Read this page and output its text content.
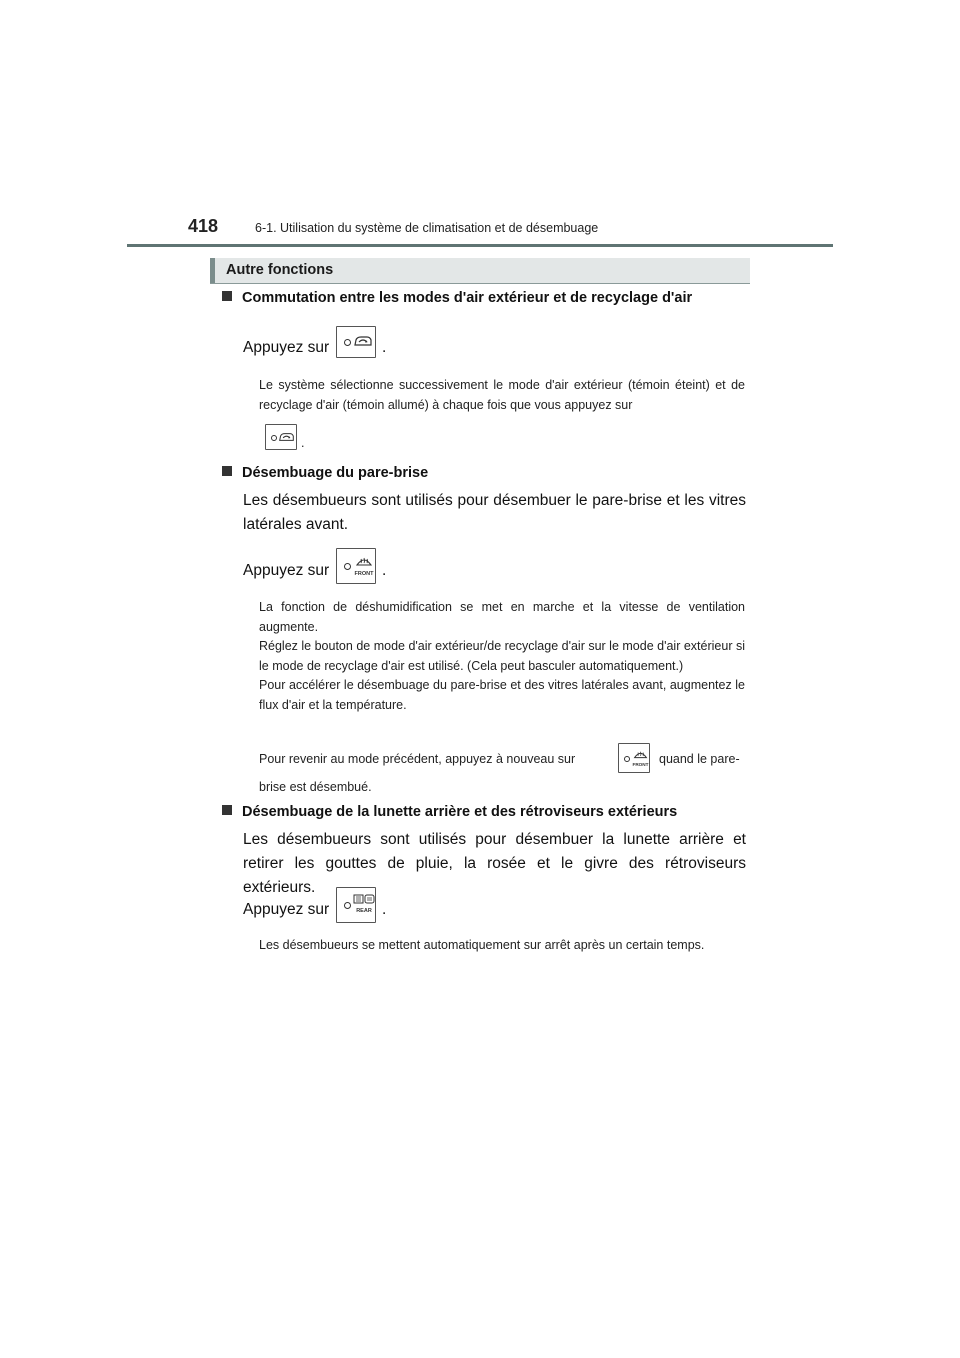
418	6-1. Utilisation du système de climatisation et de désembuage
Autre fonctions
Commutation entre les modes d'air extérieur et de recyclage d'air
Appuyez sur	.
Le système sélectionne successivement le mode d'air extérieur (témoin éteint) et de recyclage d'air (témoin allumé) à chaque fois que vous appuyez sur
.
Désembuage du pare-brise
Les désembueurs sont utilisés pour désembuer le pare-brise et les vitres latérales avant.
Appuyez sur	FRONT .
La fonction de déshumidification se met en marche et la vitesse de ventilation augmente.
Réglez le bouton de mode d'air extérieur/de recyclage d'air sur le mode d'air extérieur si le mode de recyclage d'air est utilisé. (Cela peut basculer automatiquement.)
Pour accélérer le désembuage du pare-brise et des vitres latérales avant, augmentez le flux d'air et la température.
Pour revenir au mode précédent, appuyez à nouveau sur	FRONT quand le pare-
brise est désembué.
Désembuage de la lunette arrière et des rétroviseurs extérieurs
Les désembueurs sont utilisés pour désembuer la lunette arrière et retirer les gouttes de pluie, la rosée et le givre des rétroviseurs extérieurs.
Appuyez sur	REAR .
Les désembueurs se mettent automatiquement sur arrêt après un certain temps.
